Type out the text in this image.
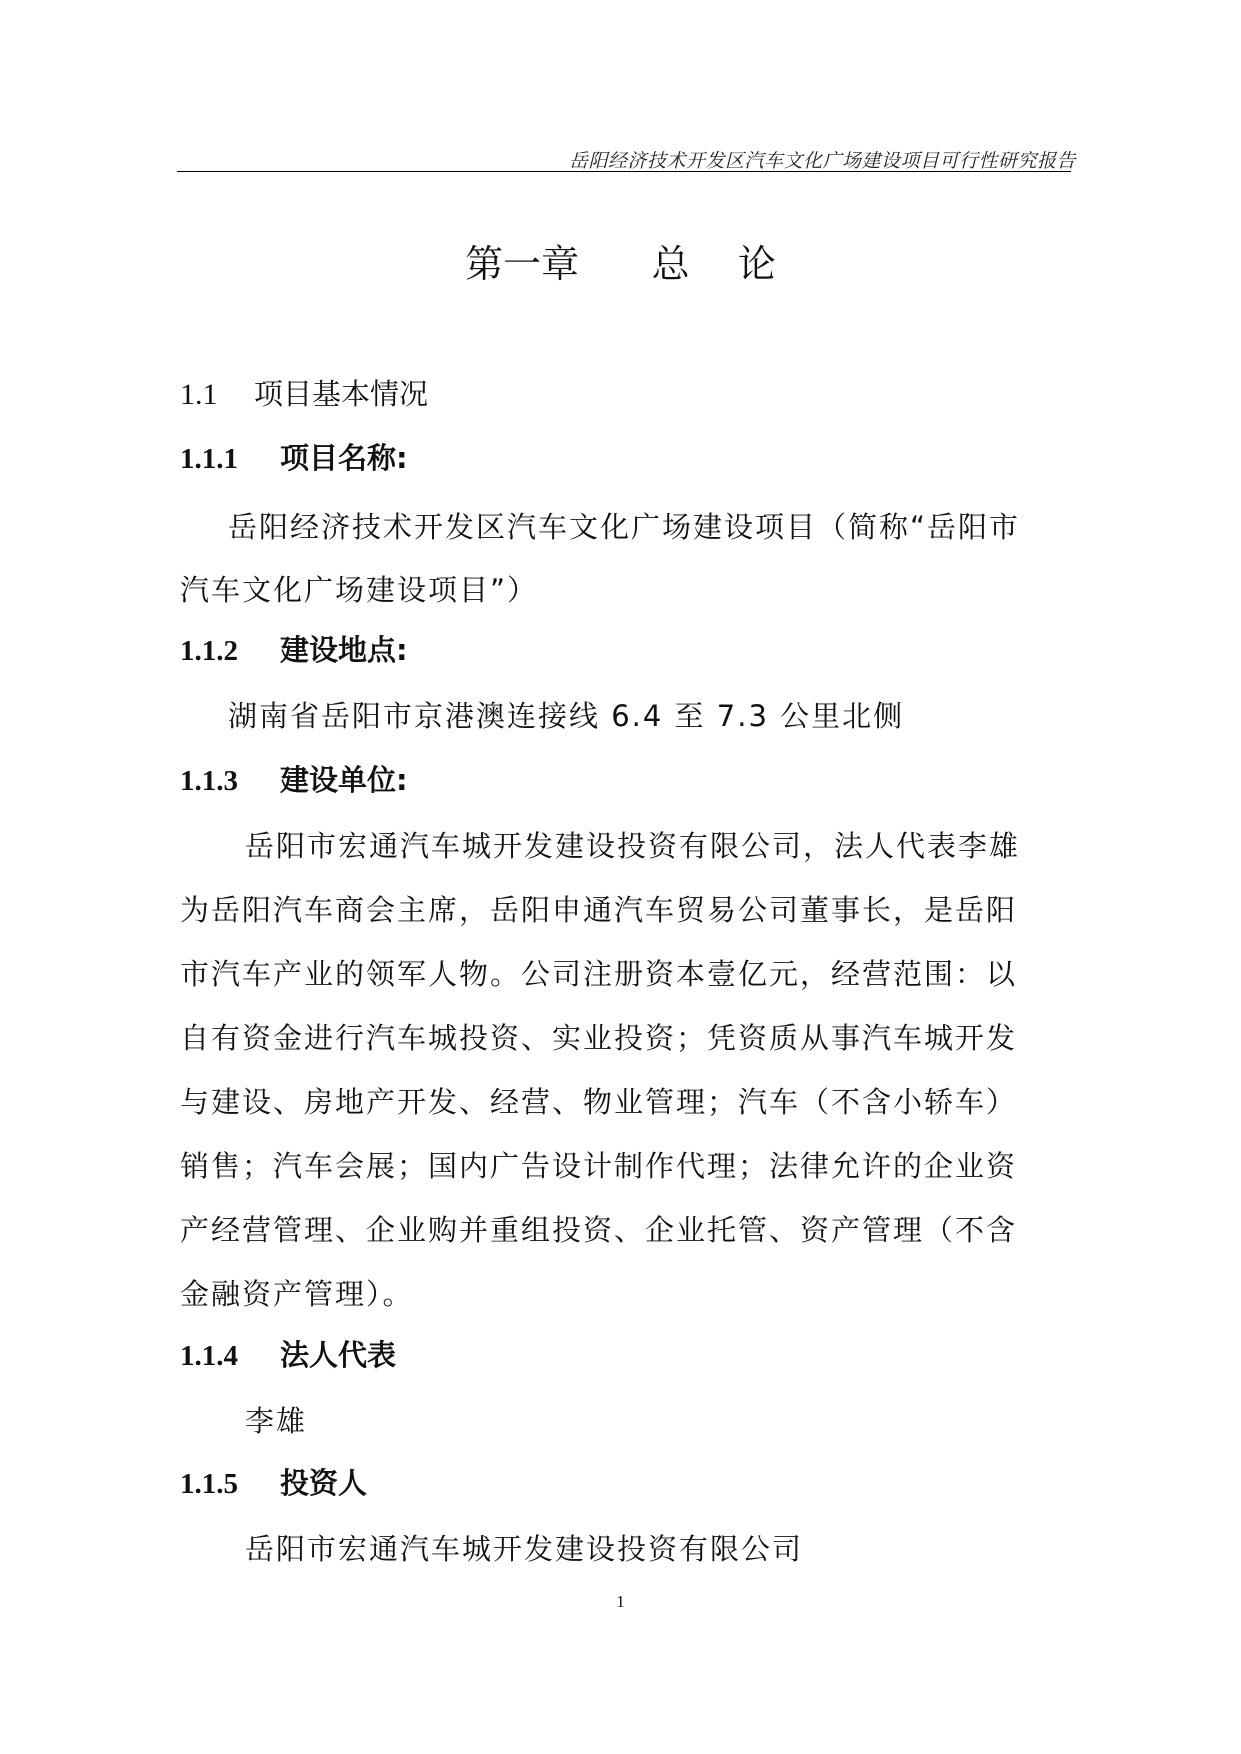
岳阳经济技术开发区汽车文化广场建设项目可行性研究报告
第一章      总    论
1.1 项目基本情况
1.1.1 项目名称:
岳阳经济技术开发区汽车文化广场建设项目（简称“岳阳市
汽车文化广场建设项目”）
1.1.2 建设地点:
湖南省岳阳市京港澳连接线 6.4 至 7.3 公里北侧
1.1.3 建设单位:
岳阳市宏通汽车城开发建设投资有限公司，法人代表李雄
为岳阳汽车商会主席，岳阳申通汽车贸易公司董事长，是岳阳
市汽车产业的领军人物。公司注册资本壹亿元，经营范围：以
自有资金进行汽车城投资、实业投资；凭资质从事汽车城开发
与建设、房地产开发、经营、物业管理；汽车（不含小轿车）
销售；汽车会展；国内广告设计制作代理；法律允许的企业资
产经营管理、企业购并重组投资、企业托管、资产管理（不含
金融资产管理）。
1.1.4 法人代表
李雄
1.1.5 投资人
岳阳市宏通汽车城开发建设投资有限公司
1
